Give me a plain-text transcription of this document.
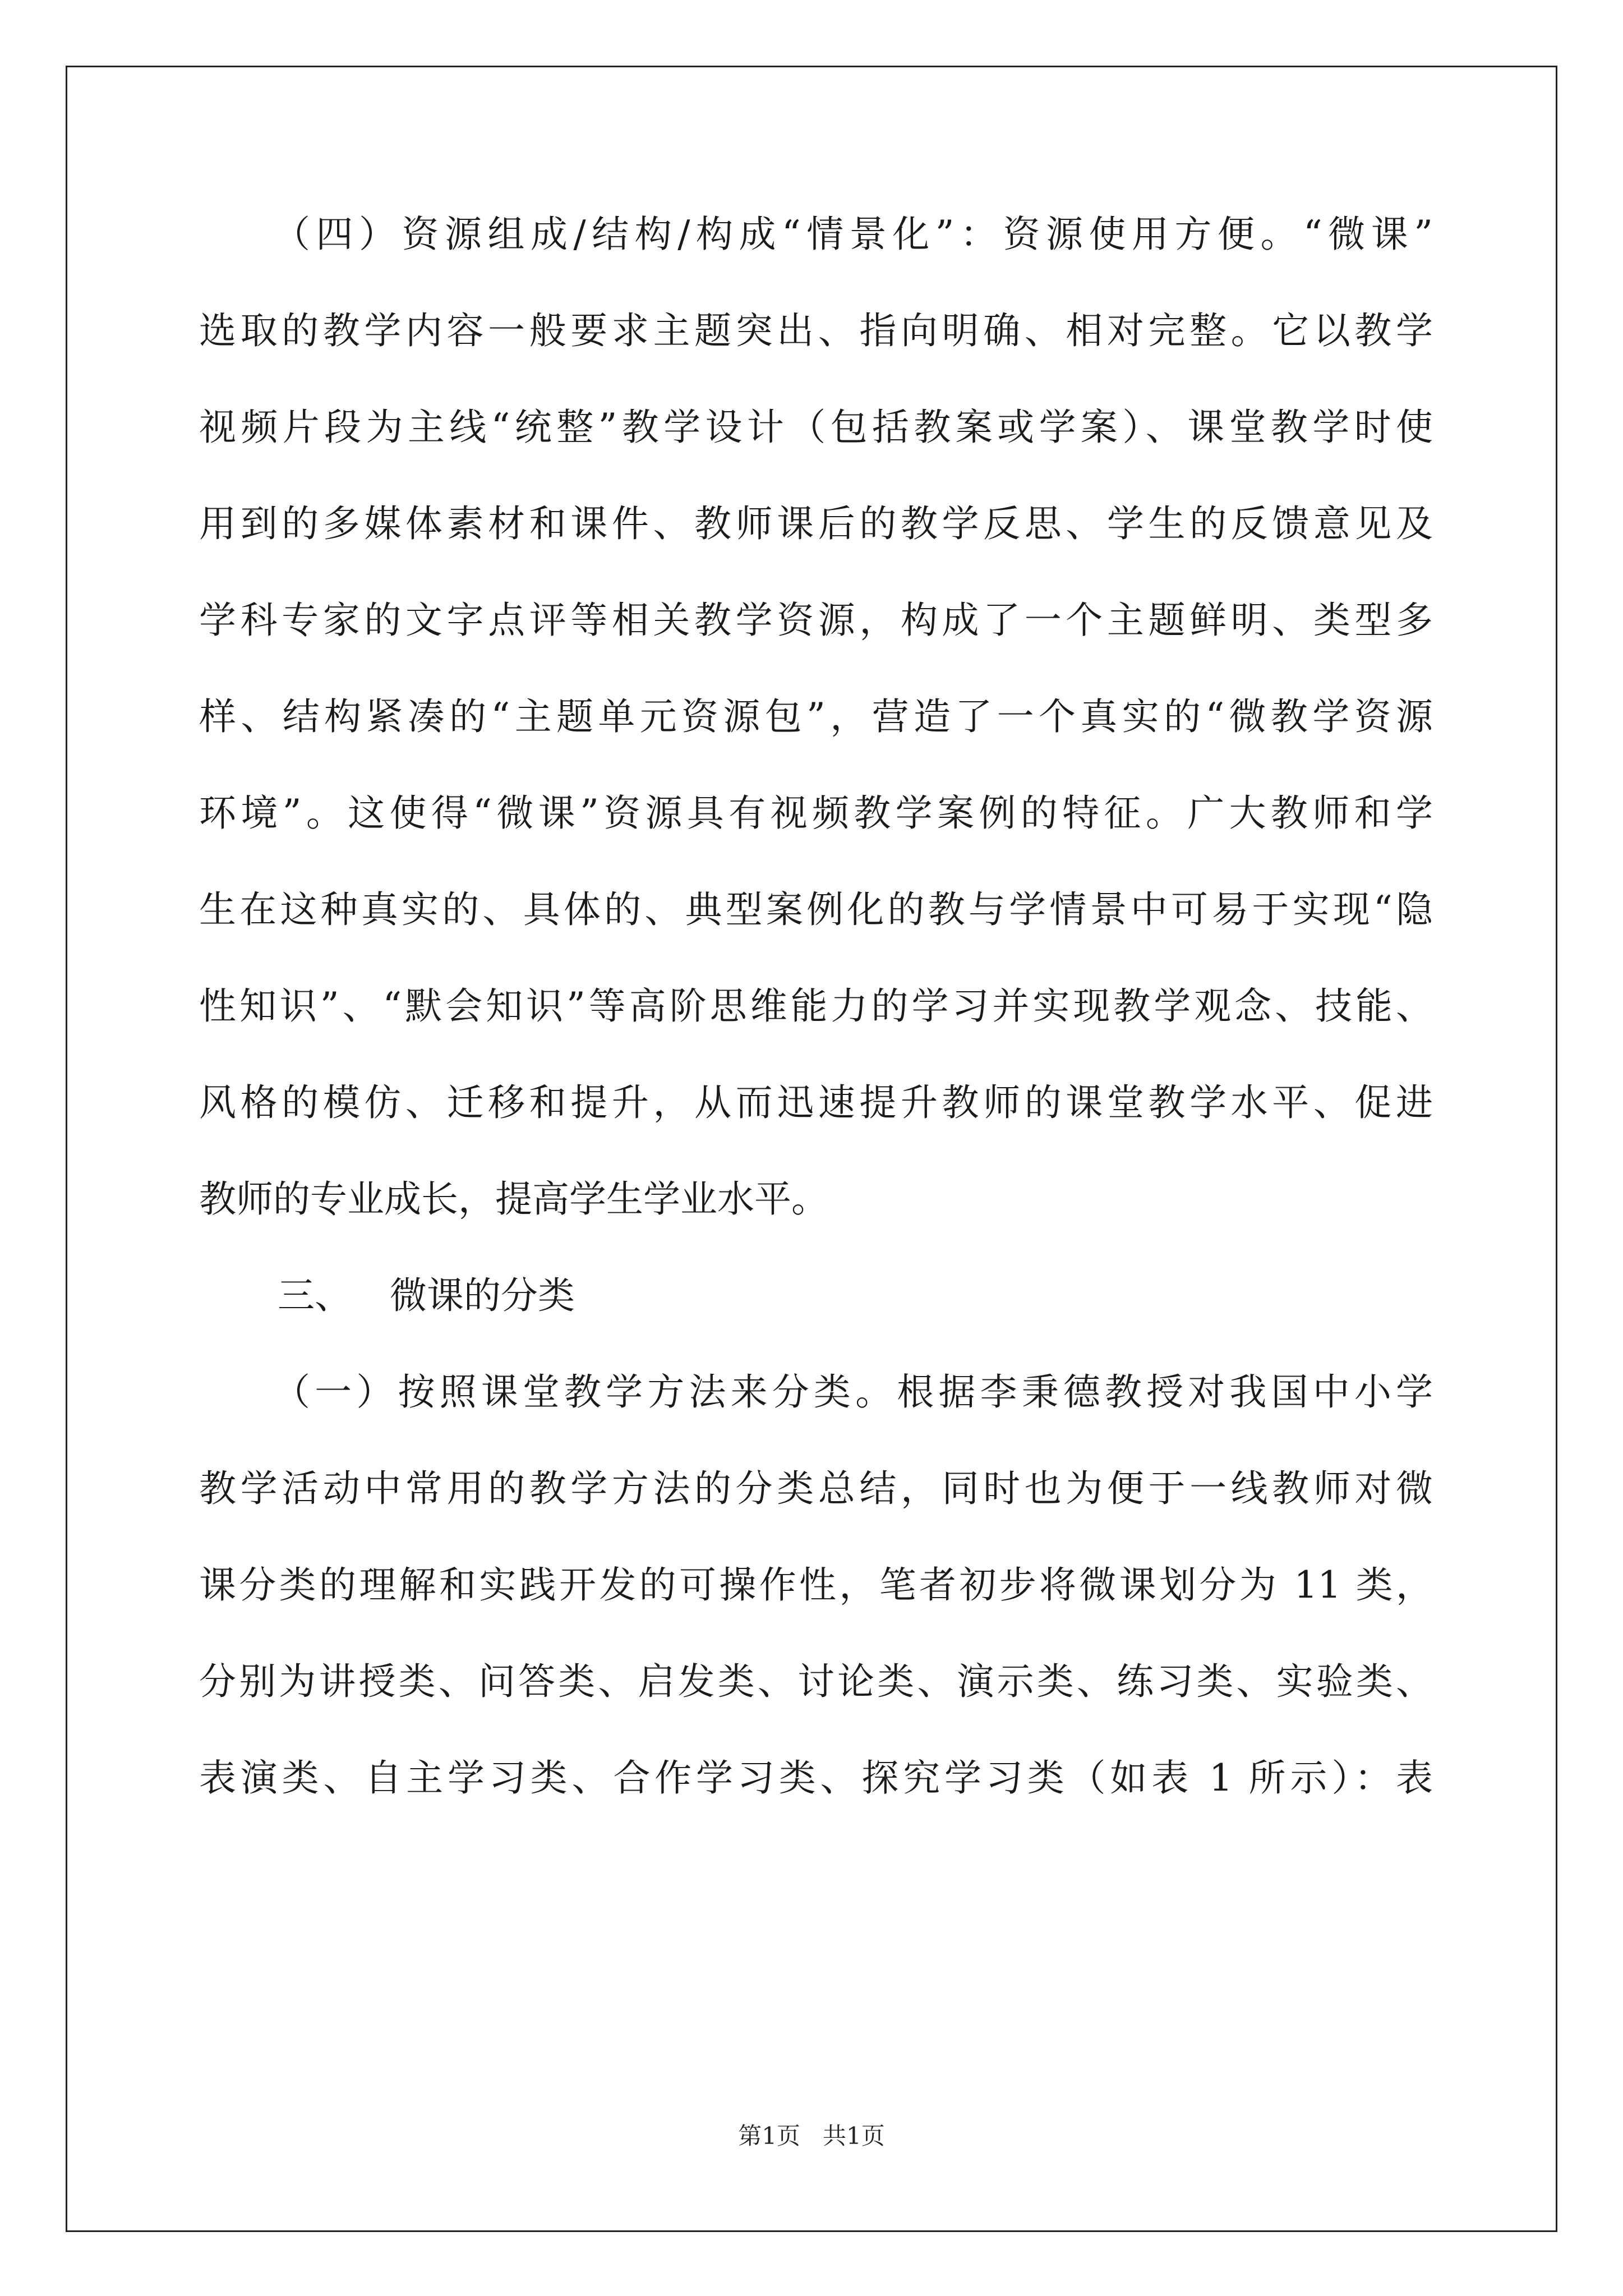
（四）资源组成/结构/构成“情景化”：资源使用方便。“微课”
选取的教学内容一般要求主题突出、指向明确、相对完整。它以教学
视频片段为主线“统整”教学设计（包括教案或学案）、课堂教学时使
用到的多媒体素材和课件、教师课后的教学反思、学生的反馈意见及
学科专家的文字点评等相关教学资源，构成了一个主题鲜明、类型多
样、结构紧凑的“主题单元资源包”，营造了一个真实的“微教学资源
环境”。这使得“微课”资源具有视频教学案例的特征。广大教师和学
生在这种真实的、具体的、典型案例化的教与学情景中可易于实现“隐
性知识”、“默会知识”等高阶思维能力的学习并实现教学观念、技能、
风格的模仿、迁移和提升，从而迅速提升教师的课堂教学水平、促进
教师的专业成长，提高学生学业水平。
三、 微课的分类
（一）按照课堂教学方法来分类。根据李秉德教授对我国中小学
教学活动中常用的教学方法的分类总结，同时也为便于一线教师对微
课分类的理解和实践开发的可操作性，笔者初步将微课划分为 11 类，
分别为讲授类、问答类、启发类、讨论类、演示类、练习类、实验类、
表演类、自主学习类、合作学习类、探究学习类（如表 1 所示）：表
第1页 共1页
